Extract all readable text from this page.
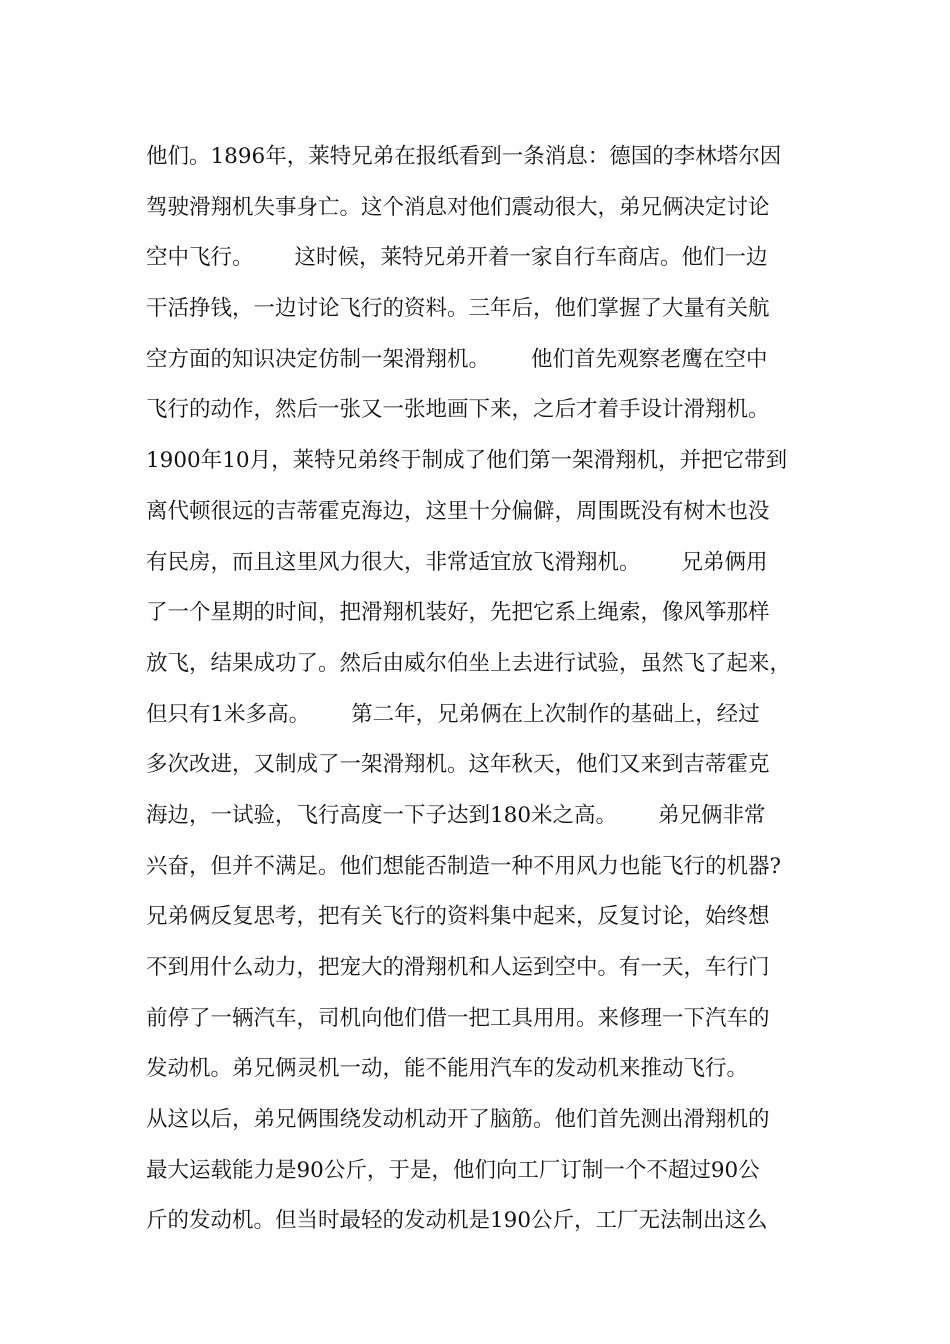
他们。1896年，莱特兄弟在报纸看到一条消息：德国的李林塔尔因
驾驶滑翔机失事身亡。这个消息对他们震动很大，弟兄俩决定讨论
空中飞行。      这时候，莱特兄弟开着一家自行车商店。他们一边
干活挣钱，一边讨论飞行的资料。三年后，他们掌握了大量有关航
空方面的知识决定仿制一架滑翔机。      他们首先观察老鹰在空中
飞行的动作，然后一张又一张地画下来，之后才着手设计滑翔机。
1900年10月，莱特兄弟终于制成了他们第一架滑翔机，并把它带到
离代顿很远的吉蒂霍克海边，这里十分偏僻，周围既没有树木也没
有民房，而且这里风力很大，非常适宜放飞滑翔机。      兄弟俩用
了一个星期的时间，把滑翔机装好，先把它系上绳索，像风筝那样
放飞，结果成功了。然后由威尔伯坐上去进行试验，虽然飞了起来，
但只有1米多高。      第二年，兄弟俩在上次制作的基础上，经过
多次改进，又制成了一架滑翔机。这年秋天，他们又来到吉蒂霍克
海边，一试验，飞行高度一下子达到180米之高。      弟兄俩非常
兴奋，但并不满足。他们想能否制造一种不用风力也能飞行的机器?
兄弟俩反复思考，把有关飞行的资料集中起来，反复讨论，始终想
不到用什么动力，把宠大的滑翔机和人运到空中。有一天，车行门
前停了一辆汽车，司机向他们借一把工具用用。来修理一下汽车的
发动机。弟兄俩灵机一动，能不能用汽车的发动机来推动飞行。
从这以后，弟兄俩围绕发动机动开了脑筋。他们首先测出滑翔机的
最大运载能力是90公斤，于是，他们向工厂订制一个不超过90公
斤的发动机。但当时最轻的发动机是190公斤，工厂无法制出这么
